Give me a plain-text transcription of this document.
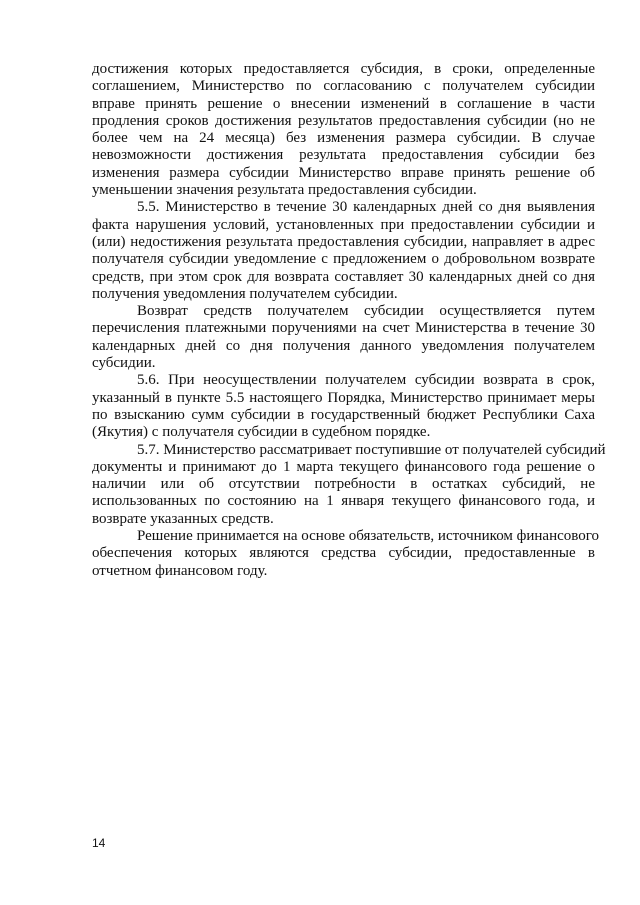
достижения которых предоставляется субсидия, в сроки, определенные
соглашением, Министерство по согласованию с получателем субсидии
вправе принять решение о внесении изменений в соглашение в части
продления сроков достижения результатов предоставления субсидии (но не
более чем на 24 месяца) без изменения размера субсидии. В случае
невозможности достижения результата предоставления субсидии без
изменения размера субсидии Министерство вправе принять решение об
уменьшении значения результата предоставления субсидии.

5.5. Министерство в течение 30 календарных дней со дня выявления
факта нарушения условий, установленных при предоставлении субсидии и
(или) недостижения результата предоставления субсидии, направляет в адрес
получателя субсидии уведомление с предложением о добровольном возврате
средств, при этом срок для возврата составляет 30 календарных дней со дня
получения уведомления получателем субсидии.

Возврат средств получателем субсидии осуществляется путем
перечисления платежными поручениями на счет Министерства в течение 30
календарных дней со дня получения данного уведомления получателем
субсидии.

5.6. При неосуществлении получателем субсидии возврата в срок,
указанный в пункте 5.5 настоящего Порядка, Министерство принимает меры
по взысканию сумм субсидии в государственный бюджет Республики Саха
(Якутия) с получателя субсидии в судебном порядке.

5.7. Министерство рассматривает поступившие от получателей субсидий
документы и принимают до 1 марта текущего финансового года решение о
наличии или об отсутствии потребности в остатках субсидий, не
использованных по состоянию на 1 января текущего финансового года, и
возврате указанных средств.

Решение принимается на основе обязательств, источником финансового
обеспечения которых являются средства субсидии, предоставленные в
отчетном финансовом году.

14
